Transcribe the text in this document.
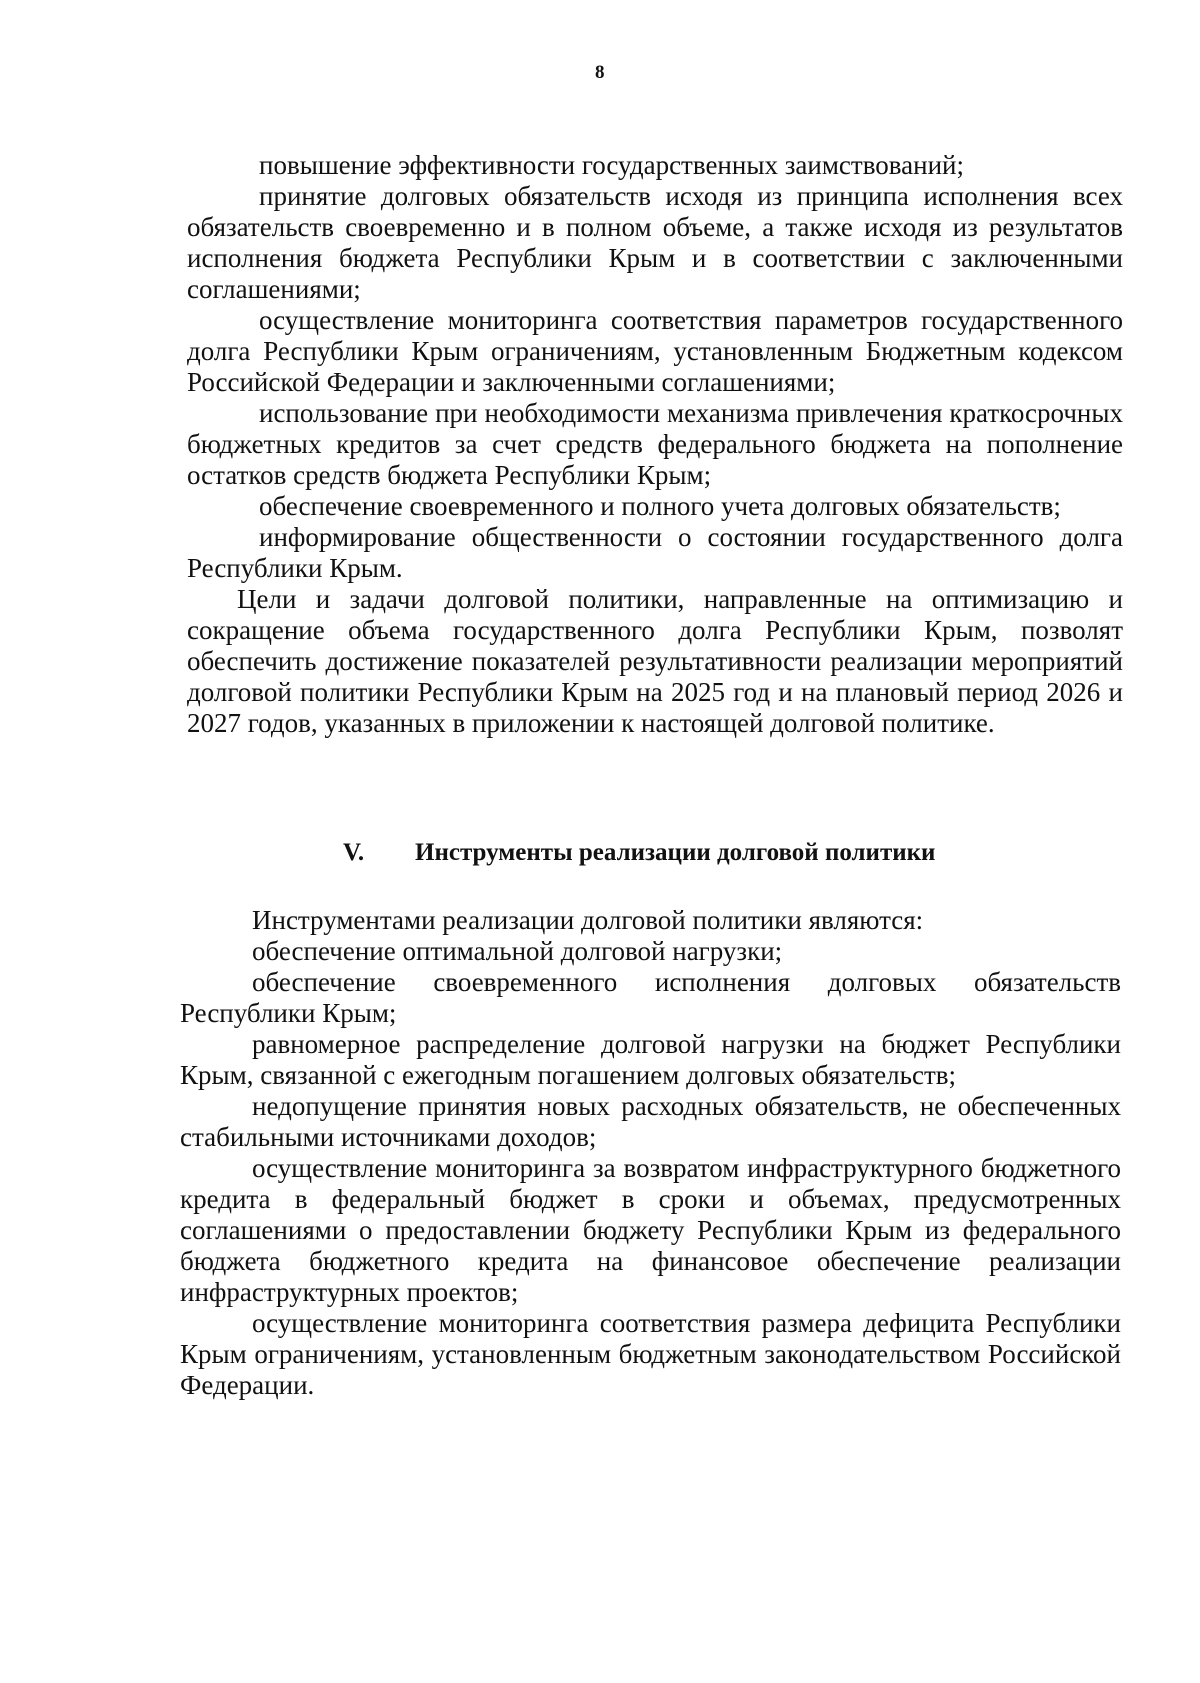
8

повышение эффективности государственных заимствований;

принятие долговых обязательств исходя из принципа исполнения всех обязательств своевременно и в полном объеме, а также исходя из результатов исполнения бюджета Республики Крым и в соответствии с заключенными соглашениями;

осуществление мониторинга соответствия параметров государственного долга Республики Крым ограничениям, установленным Бюджетным кодексом Российской Федерации и заключенными соглашениями;

использование при необходимости механизма привлечения краткосрочных бюджетных кредитов за счет средств федерального бюджета на пополнение остатков средств бюджета Республики Крым;

обеспечение своевременного и полного учета долговых обязательств;

информирование общественности о состоянии государственного долга Республики Крым.

Цели и задачи долговой политики, направленные на оптимизацию и сокращение объема государственного долга Республики Крым, позволят обеспечить достижение показателей результативности реализации мероприятий долговой политики Республики Крым на 2025 год и на плановый период 2026 и 2027 годов, указанных в приложении к настоящей долговой политике.

V. Инструменты реализации долговой политики

Инструментами реализации долговой политики являются:

обеспечение оптимальной долговой нагрузки;

обеспечение своевременного исполнения долговых обязательств Республики Крым;

равномерное распределение долговой нагрузки на бюджет Республики Крым, связанной с ежегодным погашением долговых обязательств;

недопущение принятия новых расходных обязательств, не обеспеченных стабильными источниками доходов;

осуществление мониторинга за возвратом инфраструктурного бюджетного кредита в федеральный бюджет в сроки и объемах, предусмотренных соглашениями о предоставлении бюджету Республики Крым из федерального бюджета бюджетного кредита на финансовое обеспечение реализации инфраструктурных проектов;

осуществление мониторинга соответствия размера дефицита Республики Крым ограничениям, установленным бюджетным законодательством Российской Федерации.
